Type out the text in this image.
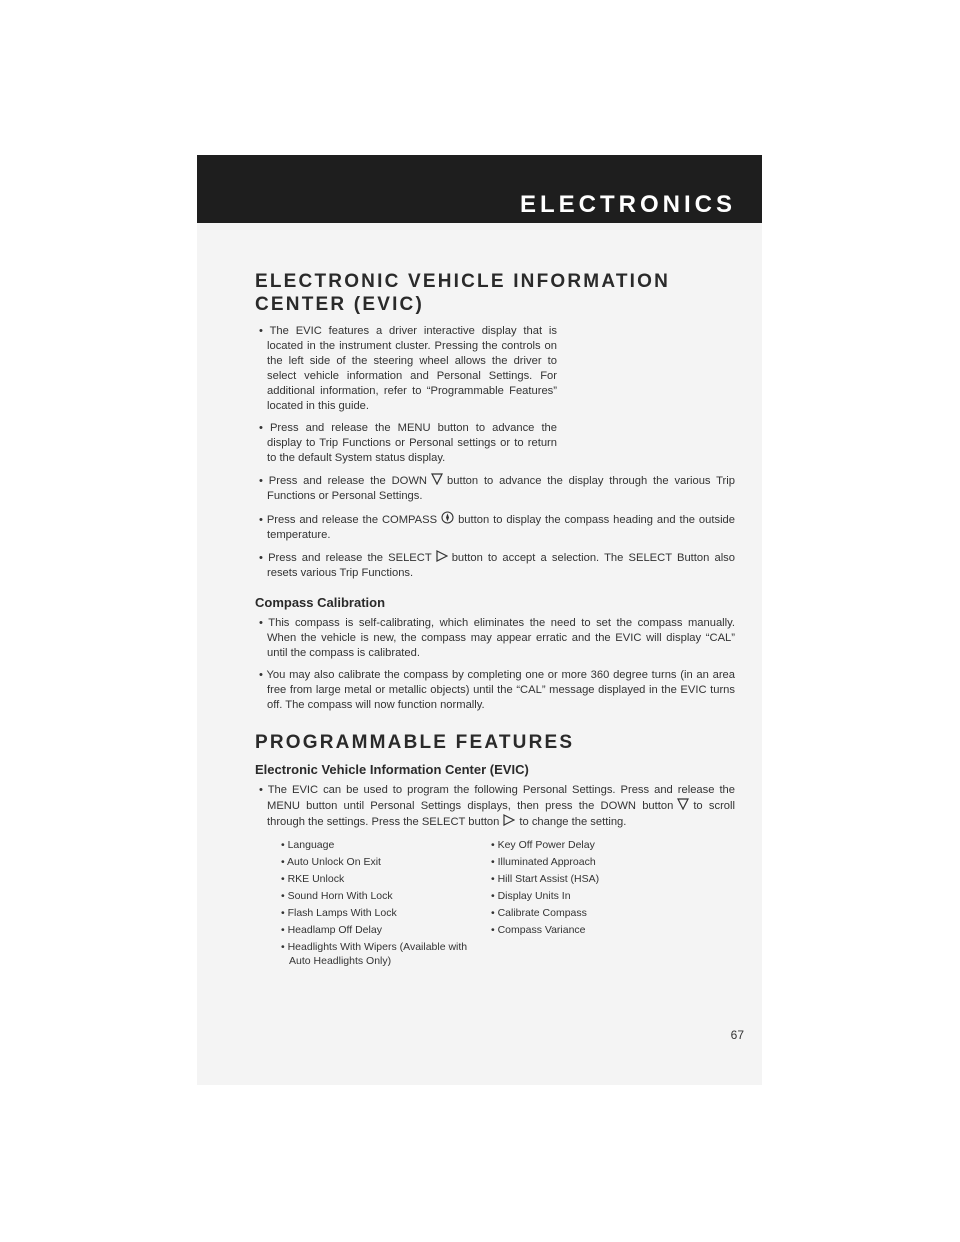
ELECTRONICS
ELECTRONIC VEHICLE INFORMATION
CENTER (EVIC)

• The EVIC features a driver interactive display that is located in the instrument cluster. Pressing the controls on the left side of the steering wheel allows the driver to select vehicle information and Personal Settings. For additional information, refer to “Programmable Features” located in this guide.

• Press and release the MENU button to advance the display to Trip Functions or Personal settings or to return to the default System status display.

• Press and release the DOWN button to advance the display through the various Trip Functions or Personal Settings.

• Press and release the COMPASS button to display the compass heading and the outside temperature.

• Press and release the SELECT button to accept a selection. The SELECT Button also resets various Trip Functions.

Compass Calibration

• This compass is self-calibrating, which eliminates the need to set the compass manually. When the vehicle is new, the compass may appear erratic and the EVIC will display “CAL” until the compass is calibrated.

• You may also calibrate the compass by completing one or more 360 degree turns (in an area free from large metal or metallic objects) until the “CAL” message displayed in the EVIC turns off. The compass will now function normally.

PROGRAMMABLE FEATURES
Electronic Vehicle Information Center (EVIC)

• The EVIC can be used to program the following Personal Settings. Press and release the MENU button until Personal Settings displays, then press the DOWN button to scroll through the settings. Press the SELECT button to change the setting.

• Language	• Key Off Power Delay
• Auto Unlock On Exit	• Illuminated Approach
• RKE Unlock	• Hill Start Assist (HSA)
• Sound Horn With Lock	• Display Units In
• Flash Lamps With Lock	• Calibrate Compass
• Headlamp Off Delay	• Compass Variance
• Headlights With Wipers (Available with Auto Headlights Only)

67
